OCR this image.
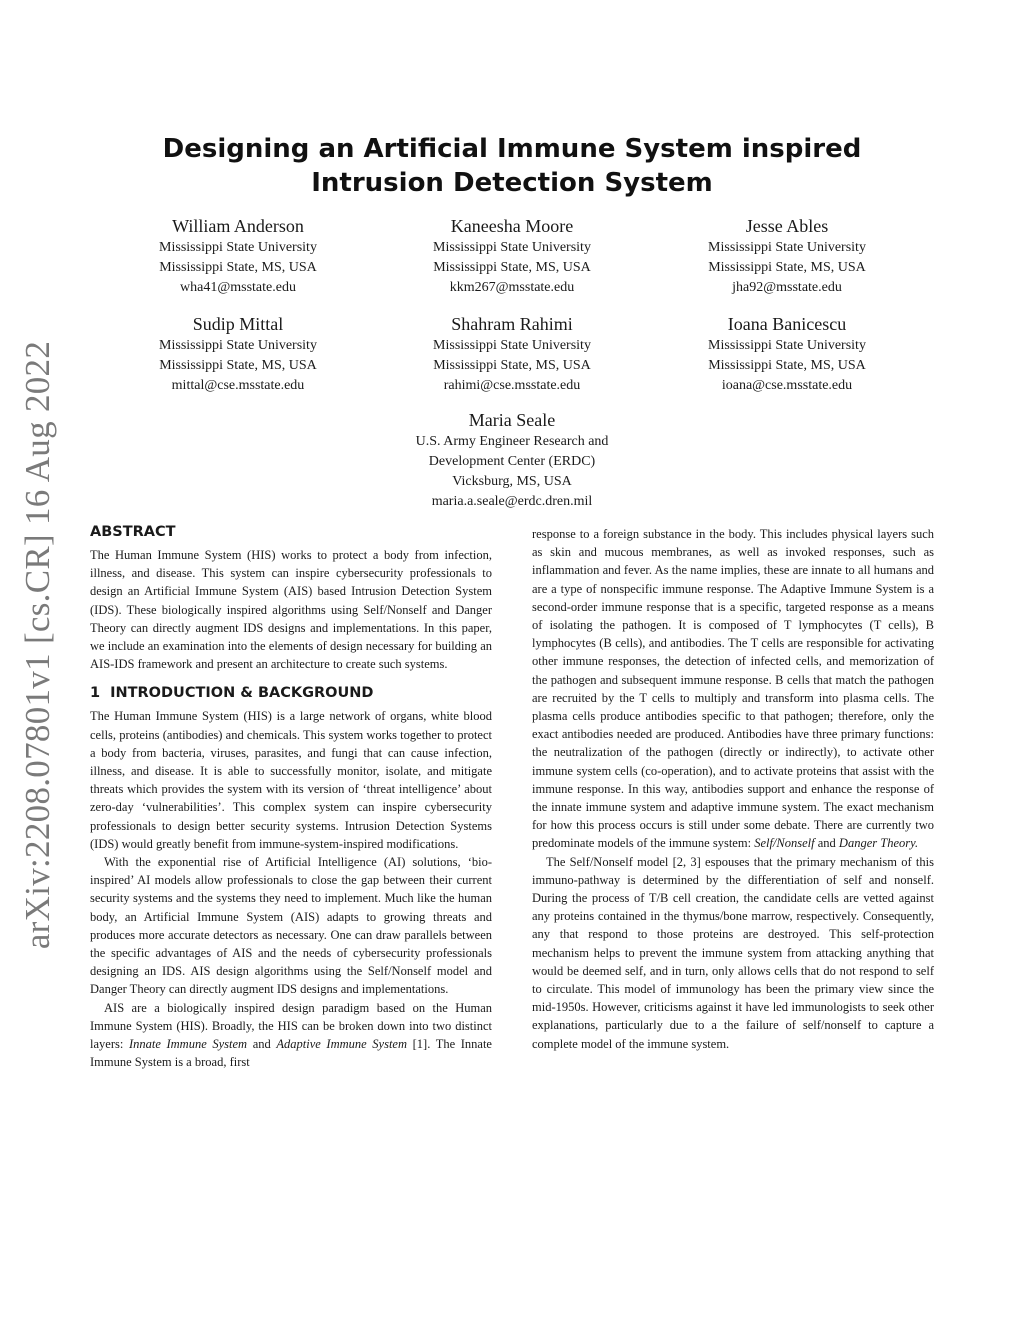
arXiv:2208.07801v1 [cs.CR] 16 Aug 2022
Designing an Artificial Immune System inspired Intrusion Detection System
William Anderson
Mississippi State University
Mississippi State, MS, USA
wha41@msstate.edu
Kaneesha Moore
Mississippi State University
Mississippi State, MS, USA
kkm267@msstate.edu
Jesse Ables
Mississippi State University
Mississippi State, MS, USA
jha92@msstate.edu
Sudip Mittal
Mississippi State University
Mississippi State, MS, USA
mittal@cse.msstate.edu
Shahram Rahimi
Mississippi State University
Mississippi State, MS, USA
rahimi@cse.msstate.edu
Ioana Banicescu
Mississippi State University
Mississippi State, MS, USA
ioana@cse.msstate.edu
Maria Seale
U.S. Army Engineer Research and
Development Center (ERDC)
Vicksburg, MS, USA
maria.a.seale@erdc.dren.mil
ABSTRACT

The Human Immune System (HIS) works to protect a body from infection, illness, and disease. This system can inspire cybersecurity professionals to design an Artificial Immune System (AIS) based Intrusion Detection System (IDS). These biologically inspired algorithms using Self/Nonself and Danger Theory can directly augment IDS designs and implementations. In this paper, we include an examination into the elements of design necessary for building an AIS-IDS framework and present an architecture to create such systems.

1 INTRODUCTION & BACKGROUND

The Human Immune System (HIS) is a large network of organs, white blood cells, proteins (antibodies) and chemicals. This system works together to protect a body from bacteria, viruses, parasites, and fungi that can cause infection, illness, and disease. It is able to successfully monitor, isolate, and mitigate threats which provides the system with its version of ‘threat intelligence’ about zero-day ‘vulnerabilities’. This complex system can inspire cybersecurity professionals to design better security systems. Intrusion Detection Systems (IDS) would greatly benefit from immune-system-inspired modifications.

With the exponential rise of Artificial Intelligence (AI) solutions, ‘bio-inspired’ AI models allow professionals to close the gap between their current security systems and the systems they need to implement. Much like the human body, an Artificial Immune System (AIS) adapts to growing threats and produces more accurate detectors as necessary. One can draw parallels between the specific advantages of AIS and the needs of cybersecurity professionals designing an IDS. AIS design algorithms using the Self/Nonself model and Danger Theory can directly augment IDS designs and implementations.

AIS are a biologically inspired design paradigm based on the Human Immune System (HIS). Broadly, the HIS can be broken down into two distinct layers: Innate Immune System and Adaptive Immune System [1]. The Innate Immune System is a broad, first

response to a foreign substance in the body. This includes physical layers such as skin and mucous membranes, as well as invoked responses, such as inflammation and fever. As the name implies, these are innate to all humans and are a type of nonspecific immune response. The Adaptive Immune System is a second-order immune response that is a specific, targeted response as a means of isolating the pathogen. It is composed of T lymphocytes (T cells), B lymphocytes (B cells), and antibodies. The T cells are responsible for activating other immune responses, the detection of infected cells, and memorization of the pathogen and subsequent immune response. B cells that match the pathogen are recruited by the T cells to multiply and transform into plasma cells. The plasma cells produce antibodies specific to that pathogen; therefore, only the exact antibodies needed are produced. Antibodies have three primary functions: the neutralization of the pathogen (directly or indirectly), to activate other immune system cells (co-operation), and to activate proteins that assist with the immune response. In this way, antibodies support and enhance the response of the innate immune system and adaptive immune system. The exact mechanism for how this process occurs is still under some debate. There are currently two predominate models of the immune system: Self/Nonself and Danger Theory.

The Self/Nonself model [2, 3] espouses that the primary mechanism of this immuno-pathway is determined by the differentiation of self and nonself. During the process of T/B cell creation, the candidate cells are vetted against any proteins contained in the thymus/bone marrow, respectively. Consequently, any that respond to those proteins are destroyed. This self-protection mechanism helps to prevent the immune system from attacking anything that would be deemed self, and in turn, only allows cells that do not respond to self to circulate. This model of immunology has been the primary view since the mid-1950s. However, criticisms against it have led immunologists to seek other explanations, particularly due to a the failure of self/nonself to capture a complete model of the immune system.
